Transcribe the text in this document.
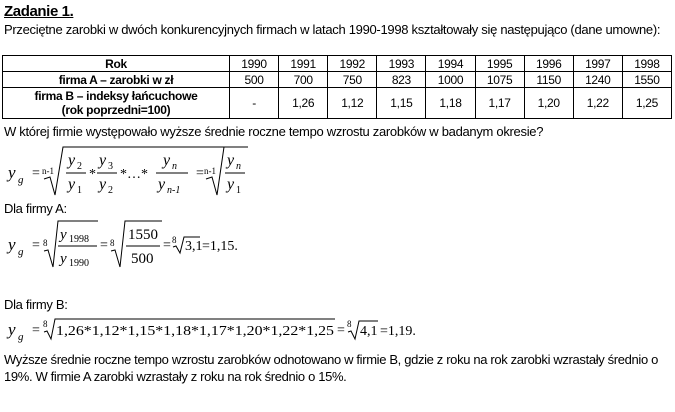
Zadanie 1.
Przeciętne zarobki w dwóch konkurencyjnych firmach w latach 1990-1998 kształtowały się następująco (dane umowne):
Rok	1990	1991	1992	1993	1994	1995	1996	1997	1998
firma A – zarobki w zł	500	700	750	823	1000	1075	1150	1240	1550

firma B – indeksy łańcuchowe
(rok poprzedni=100)	-	1,26	1,12	1,15	1,18	1,17	1,20	1,22	1,25
W której firmie występowało wyższe średnie roczne tempo wzrostu zarobków w badanym okresie?
y g = n-1
y 2
y 1
*
y 3
y 2
*…*
y n
y n-1
= n-1
y n
y 1
Dla firmy A:
y g = 8 y 1998
y 1990
= 8 1550
500
= 8 3,1 =1,15.
Dla firmy B:
y g = 8 1,26*1,12*1,15*1,18*1,17*1,20*1,22*1,25 = 8 4,1 =1,19.
Wyższe średnie roczne tempo wzrostu zarobków odnotowano w firmie B, gdzie z roku na rok zarobki wzrastały średnio o 19%. W firmie A zarobki wzrastały z roku na rok średnio o 15%.
